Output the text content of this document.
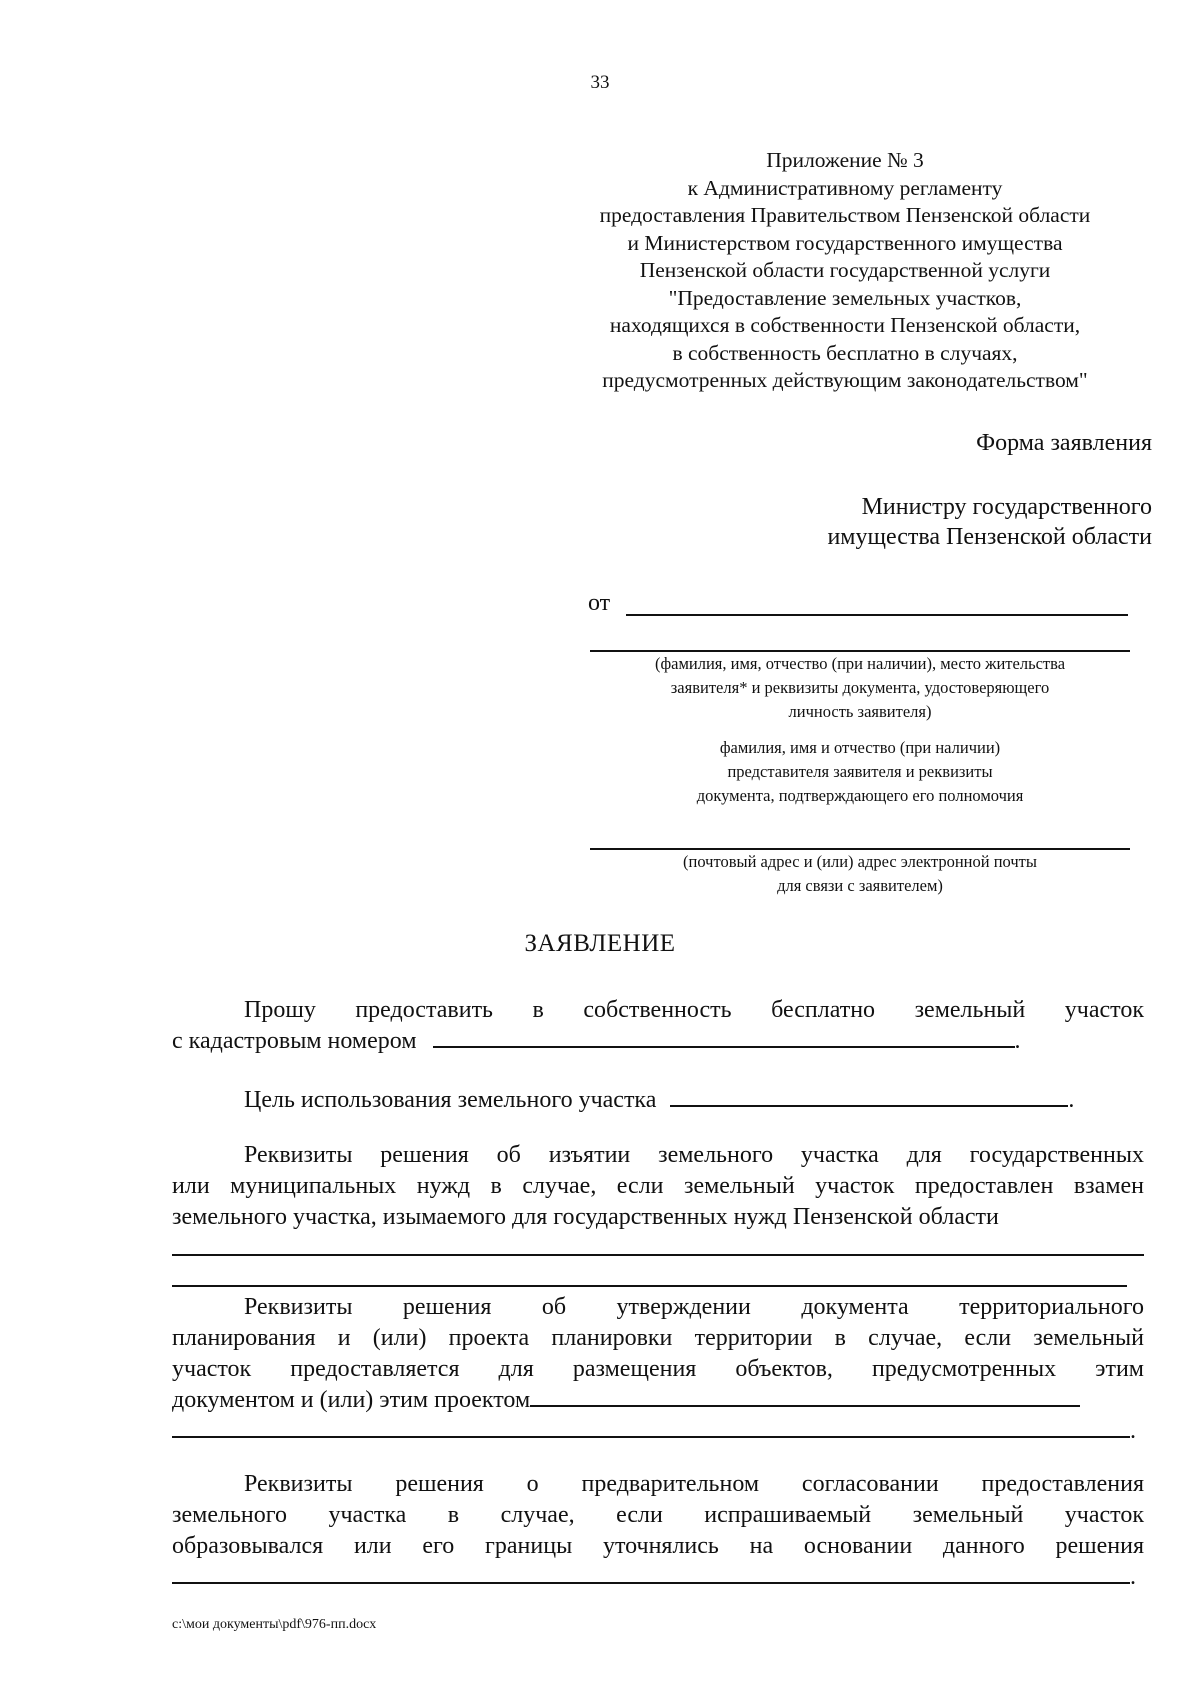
33
Приложение № 3
к Административному регламенту
предоставления Правительством Пензенской области
и Министерством государственного имущества
Пензенской области государственной услуги
"Предоставление земельных участков,
находящихся в собственности Пензенской области,
в собственность бесплатно в случаях,
предусмотренных действующим законодательством"
Форма заявления
Министру государственного
имущества Пензенской области
от
(фамилия, имя, отчество (при наличии), место жительства
заявителя* и реквизиты документа, удостоверяющего
личность заявителя)
фамилия, имя и отчество (при наличии)
представителя заявителя и реквизиты
документа, подтверждающего его полномочия
(почтовый адрес и (или) адрес электронной почты
для связи с заявителем)
ЗАЯВЛЕНИЕ
Прошу предоставить в собственность бесплатно земельный участок
с кадастровым номером	.
Цель использования земельного участка	.
Реквизиты решения об изъятии земельного участка для государственных
или муниципальных нужд в случае, если земельный участок предоставлен взамен
земельного участка, изымаемого для государственных нужд Пензенской области
Реквизиты решения об утверждении документа территориального
планирования и (или) проекта планировки территории в случае, если земельный
участок предоставляется для размещения объектов, предусмотренных этим
документом и (или) этим проектом
.
Реквизиты решения о предварительном согласовании предоставления
земельного участка в случае, если испрашиваемый земельный участок
образовывался или его границы уточнялись на основании данного решения
.
c:\мои документы\pdf\976-пп.docx
